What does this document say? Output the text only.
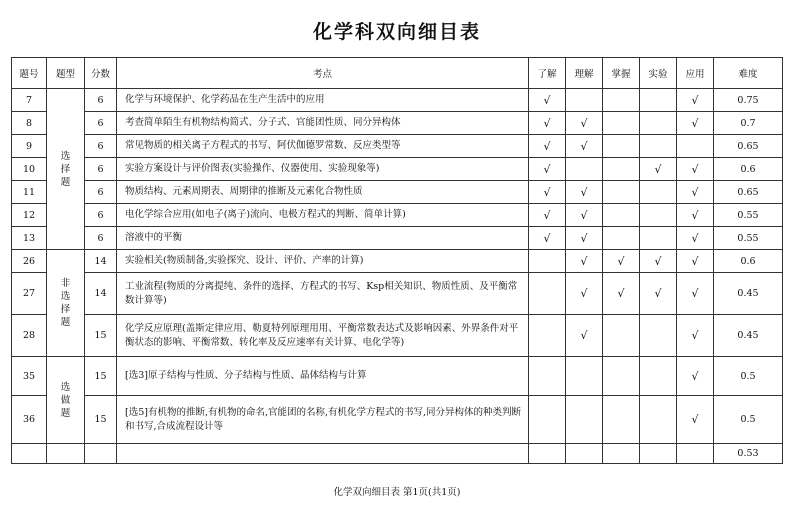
化学科双向细目表
题号	题型	分数	考点	了解	理解	掌握	实验	应用	难度
7	选择题	6	化学与环境保护、化学药品在生产生活中的应用	√				√	0.75
8		6	考查简单陌生有机物结构简式、分子式、官能团性质、同分异构体	√	√			√	0.7
9		6	常见物质的相关离子方程式的书写、阿伏伽德罗常数、反应类型等	√	√				0.65
10		6	实验方案设计与评价图表(实验操作、仪器使用、实验现象等)	√			√	√	0.6
11		6	物质结构、元素周期表、周期律的推断及元素化合物性质	√	√			√	0.65
12		6	电化学综合应用(如电子(离子)流向、电极方程式的判断、简单计算)	√	√			√	0.55
13		6	溶液中的平衡	√	√			√	0.55
26	非选择题	14	实验相关(物质制备,实验探究、设计、评价、产率的计算)		√	√	√	√	0.6
27		14	工业流程(物质的分离提纯、条件的选择、方程式的书写、Ksp相关知识、物质性质、及平衡常数计算等)		√	√	√	√	0.45
28		15	化学反应原理(盖斯定律应用、勒夏特列原理用用、平衡常数表达式及影响因素、外界条件对平衡状态的影响、平衡常数、转化率及反应速率有关计算、电化学等)		√			√	0.45
35	选做题	15	[选3]原子结构与性质、分子结构与性质、晶体结构与计算					√	0.5
36		15	[选5]有机物的推断,有机物的命名,官能团的名称,有机化学方程式的书写,同分异构体的种类判断和书写,合成流程设计等					√	0.5
									0.53
化学双向细目表 第1页(共1页)
